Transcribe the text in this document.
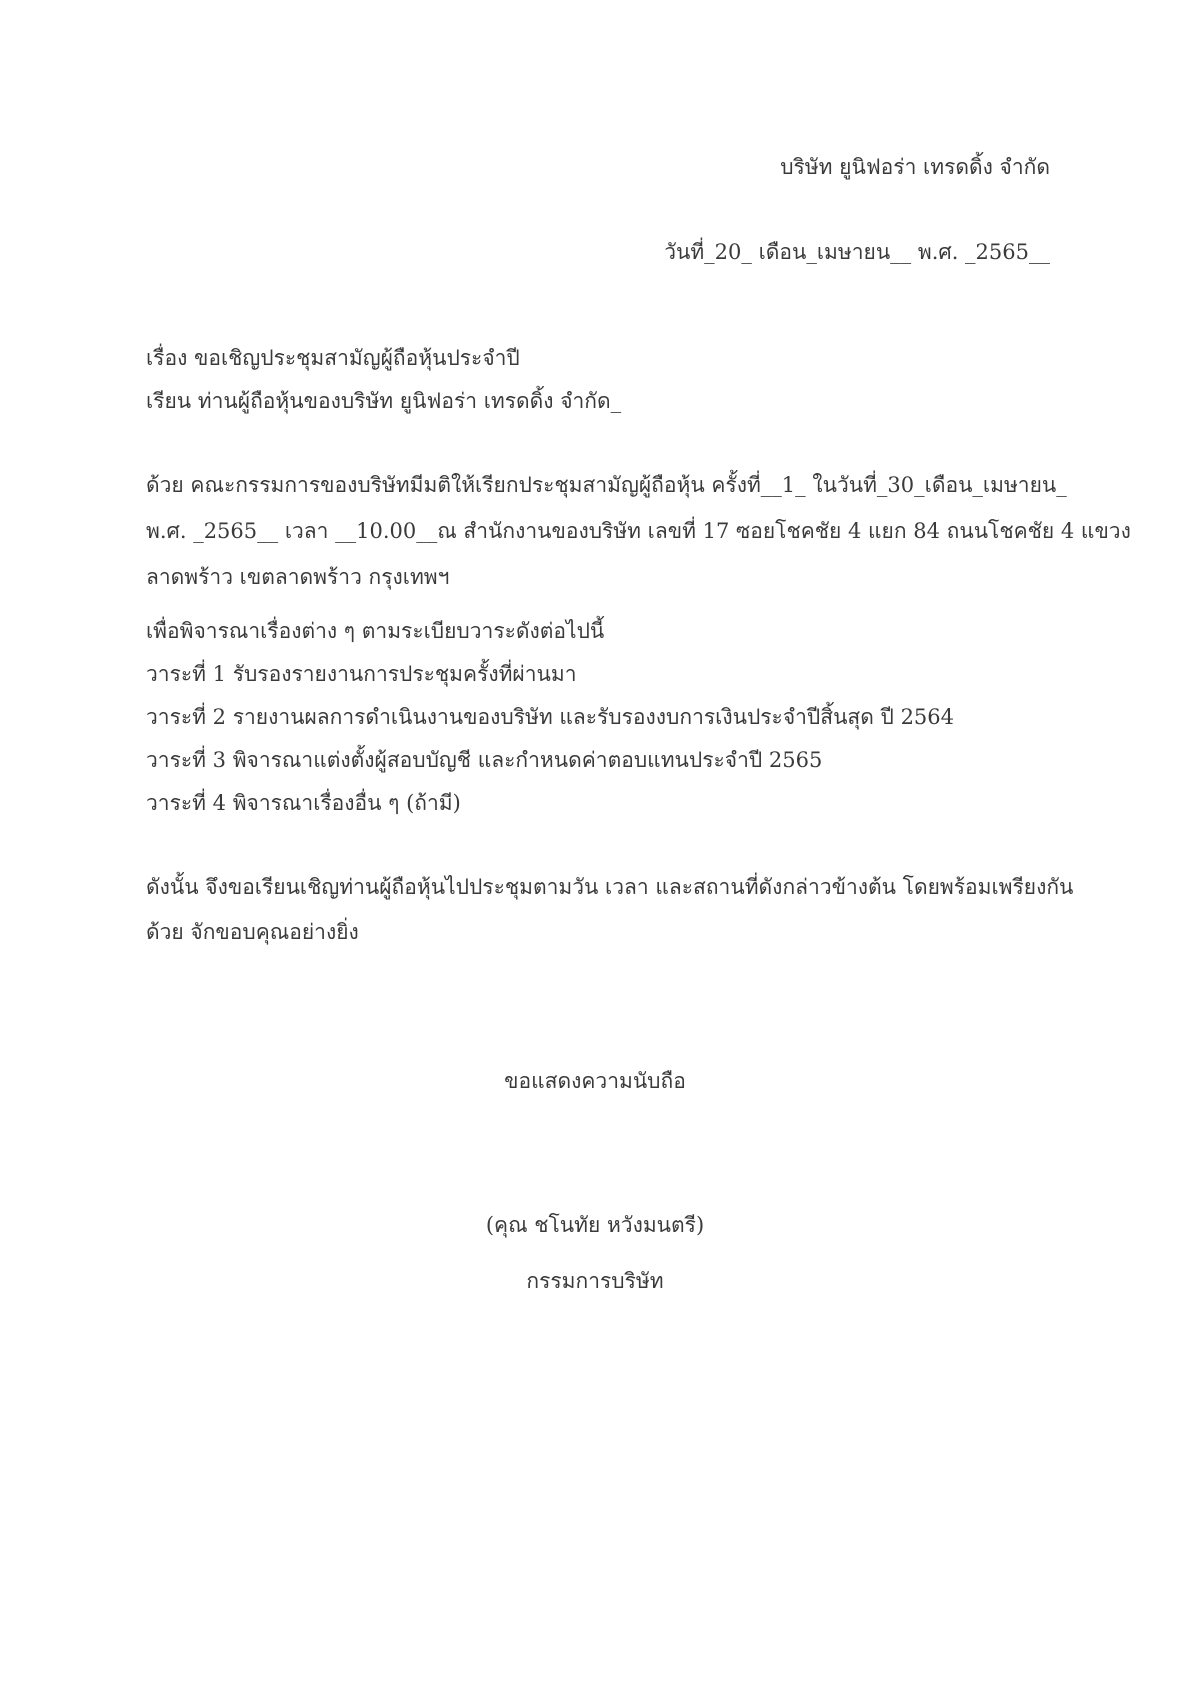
บริษัท ยูนิฟอร่า เทรดดิ้ง จำกัด
วันที่_20_ เดือน_เมษายน__ พ.ศ. _2565__
เรื่อง ขอเชิญประชุมสามัญผู้ถือหุ้นประจำปี
เรียน ท่านผู้ถือหุ้นของบริษัท ยูนิฟอร่า เทรดดิ้ง จำกัด_
ด้วย คณะกรรมการของบริษัทมีมติให้เรียกประชุมสามัญผู้ถือหุ้น ครั้งที่__1_ ในวันที่_30_เดือน_เมษายน_
พ.ศ. _2565__ เวลา __10.00__ณ สำนักงานของบริษัท เลขที่ 17 ซอยโชคชัย 4 แยก 84 ถนนโชคชัย 4 แขวง
ลาดพร้าว เขตลาดพร้าว กรุงเทพฯ
เพื่อพิจารณาเรื่องต่าง ๆ ตามระเบียบวาระดังต่อไปนี้
วาระที่ 1 รับรองรายงานการประชุมครั้งที่ผ่านมา
วาระที่ 2 รายงานผลการดำเนินงานของบริษัท และรับรองงบการเงินประจำปีสิ้นสุด ปี 2564
วาระที่ 3 พิจารณาแต่งตั้งผู้สอบบัญชี และกำหนดค่าตอบแทนประจำปี 2565
วาระที่ 4 พิจารณาเรื่องอื่น ๆ (ถ้ามี)
ดังนั้น จึงขอเรียนเชิญท่านผู้ถือหุ้นไปประชุมตามวัน เวลา และสถานที่ดังกล่าวข้างต้น โดยพร้อมเพรียงกัน
ด้วย จักขอบคุณอย่างยิ่ง
ขอแสดงความนับถือ
(คุณ ชโนทัย หวังมนตรี)
กรรมการบริษัท
